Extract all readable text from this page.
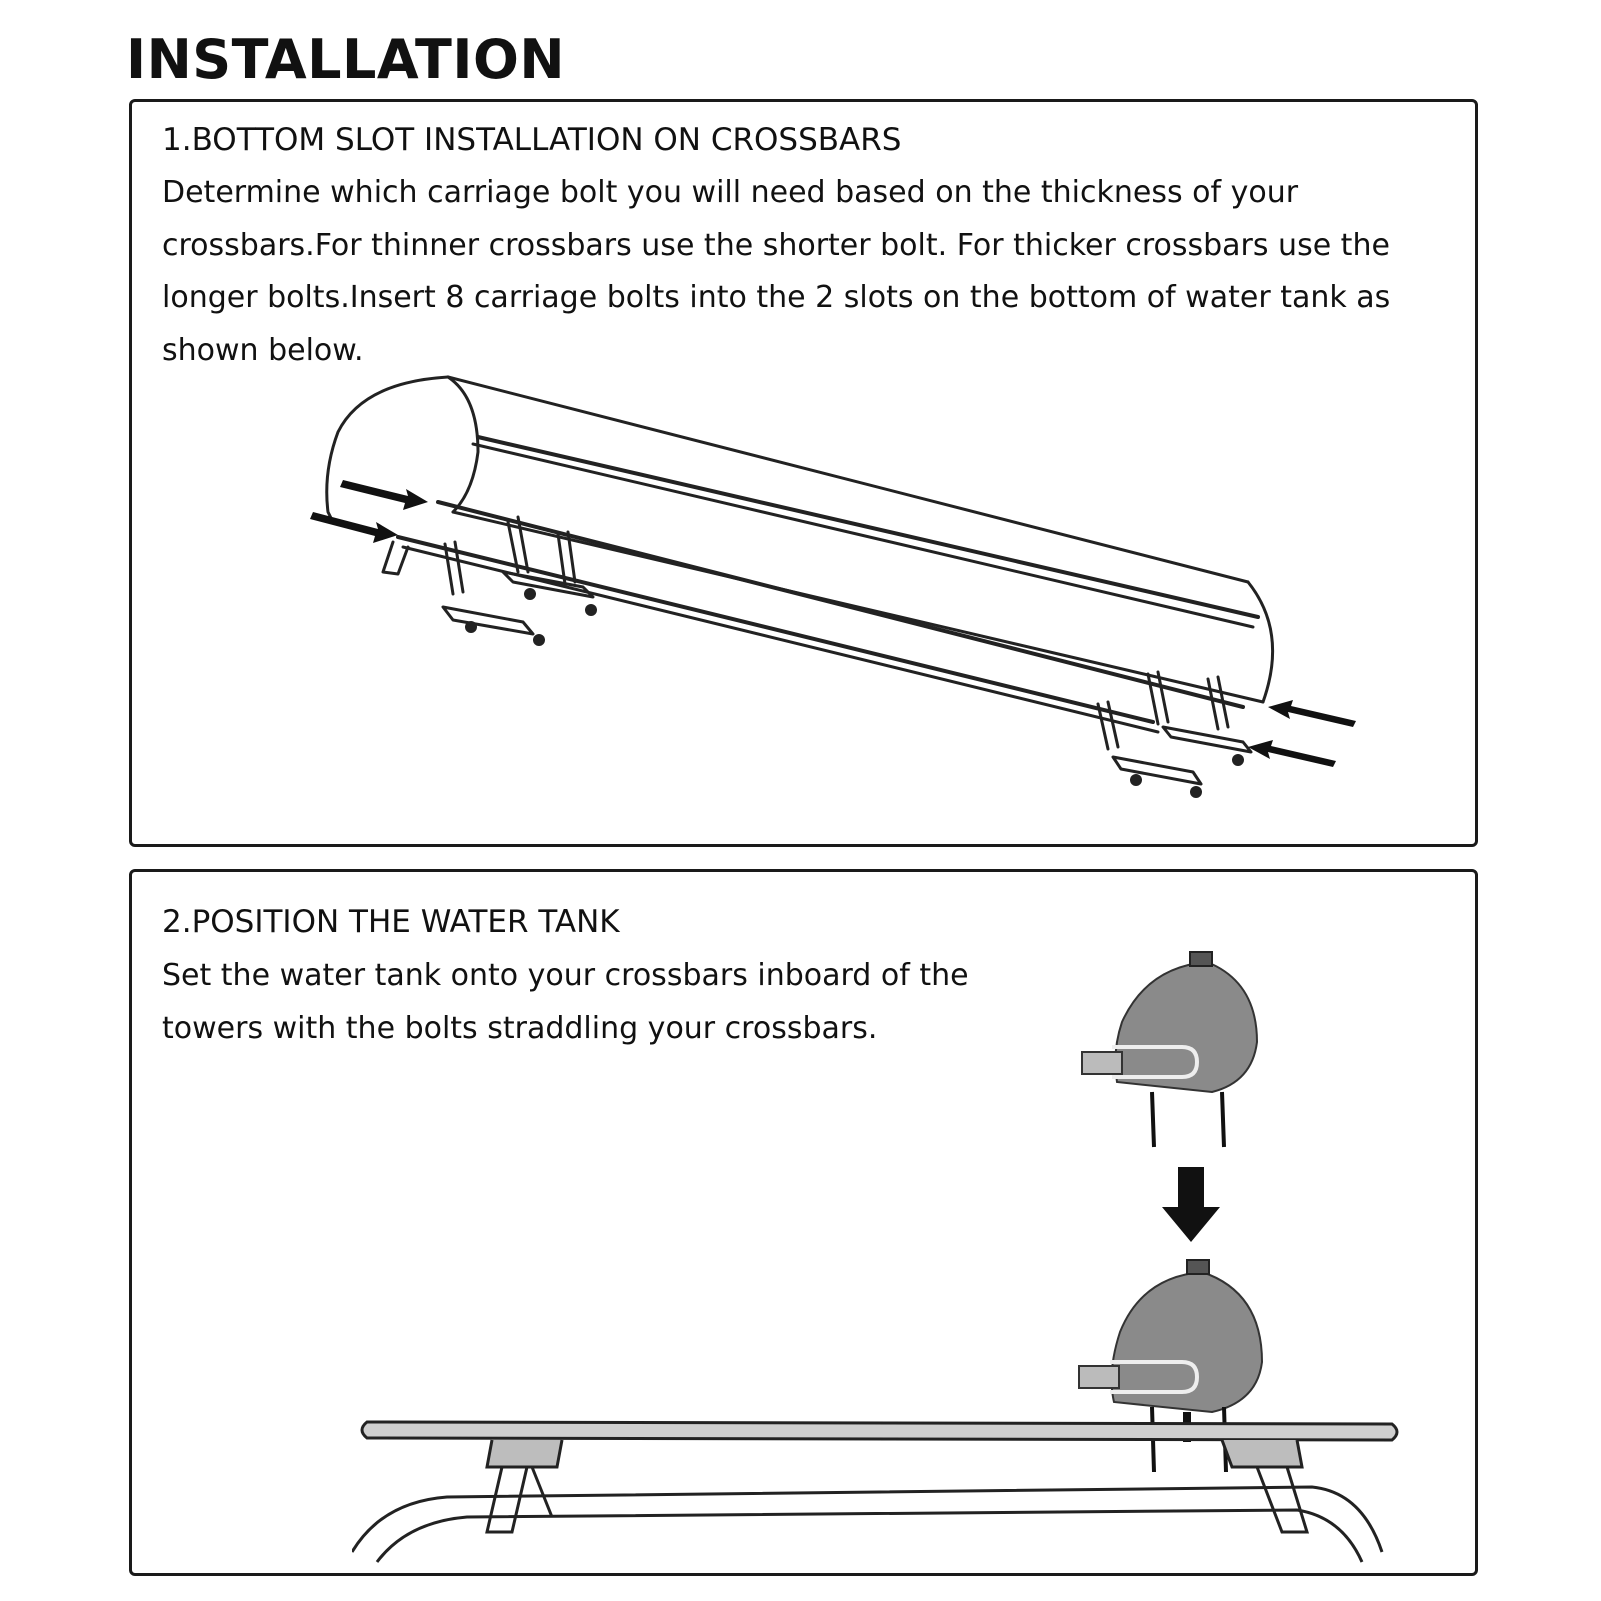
INSTALLATION
1.BOTTOM SLOT INSTALLATION ON CROSSBARS

Determine which carriage bolt you will need based on the thickness of your crossbars.For thinner crossbars use the shorter bolt. For thicker crossbars use the longer bolts.Insert 8 carriage bolts into the 2 slots on the bottom of water tank as shown below.

2.POSITION THE WATER TANK

Set the water tank onto your crossbars inboard of the towers with the bolts straddling your crossbars.
